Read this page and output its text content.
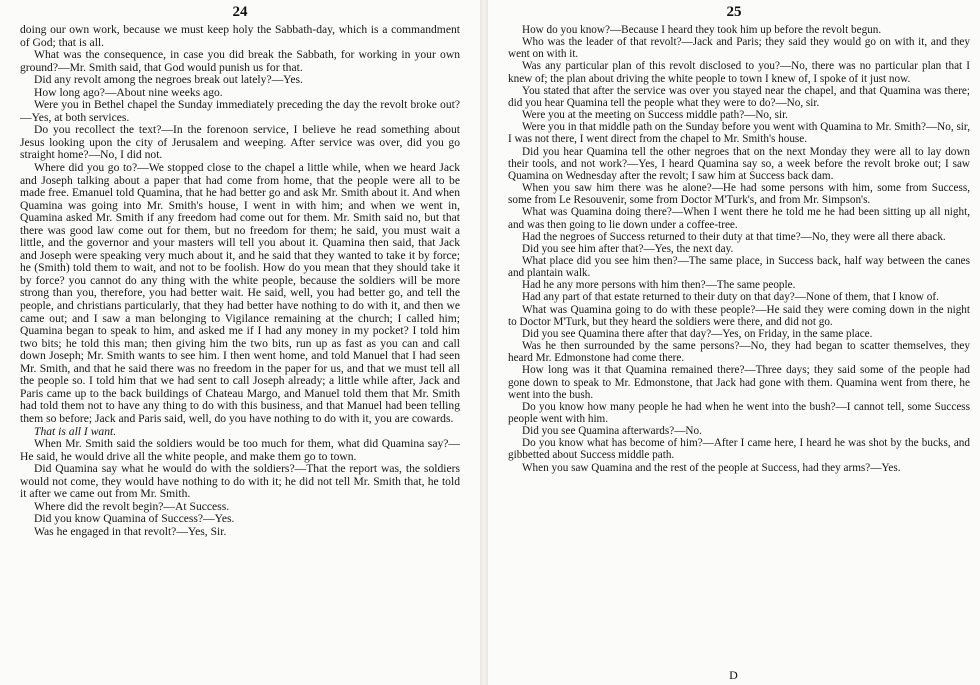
24

doing our own work, because we must keep holy the Sabbath-day, which is a commandment of God; that is all.

What was the consequence, in case you did break the Sabbath, for working in your own ground?—Mr. Smith said, that God would punish us for that.

Did any revolt among the negroes break out lately?—Yes.

How long ago?—About nine weeks ago.

Were you in Bethel chapel the Sunday immediately preceding the day the revolt broke out?—Yes, at both services.

Do you recollect the text?—In the forenoon service, I believe he read something about Jesus looking upon the city of Jerusalem and weeping. After service was over, did you go straight home?—No, I did not.

Where did you go to?—We stopped close to the chapel a little while, when we heard Jack and Joseph talking about a paper that had come from home, that the people were all to be made free. Emanuel told Quamina, that he had better go and ask Mr. Smith about it. And when Quamina was going into Mr. Smith's house, I went in with him; and when we went in, Quamina asked Mr. Smith if any freedom had come out for them. Mr. Smith said no, but that there was good law come out for them, but no freedom for them; he said, you must wait a little, and the governor and your masters will tell you about it. Quamina then said, that Jack and Joseph were speaking very much about it, and he said that they wanted to take it by force; he (Smith) told them to wait, and not to be foolish. How do you mean that they should take it by force? you cannot do any thing with the white people, because the soldiers will be more strong than you, therefore, you had better wait. He said, well, you had better go, and tell the people, and christians particularly, that they had better have nothing to do with it, and then we came out; and I saw a man belonging to Vigilance remaining at the church; I called him; Quamina began to speak to him, and asked me if I had any money in my pocket? I told him two bits; he told this man; then giving him the two bits, run up as fast as you can and call down Joseph; Mr. Smith wants to see him. I then went home, and told Manuel that I had seen Mr. Smith, and that he said there was no freedom in the paper for us, and that we must tell all the people so. I told him that we had sent to call Joseph already; a little while after, Jack and Paris came up to the back buildings of Chateau Margo, and Manuel told them that Mr. Smith had told them not to have any thing to do with this business, and that Manuel had been telling them so before; Jack and Paris said, well, do you have nothing to do with it, you are cowards.

That is all I want.

When Mr. Smith said the soldiers would be too much for them, what did Quamina say?—He said, he would drive all the white people, and make them go to town.

Did Quamina say what he would do with the soldiers?—That the report was, the soldiers would not come, they would have nothing to do with it; he did not tell Mr. Smith that, he told it after we came out from Mr. Smith.

Where did the revolt begin?—At Success.

Did you know Quamina of Success?—Yes.

Was he engaged in that revolt?—Yes, Sir.

25

How do you know?—Because I heard they took him up before the revolt begun.

Who was the leader of that revolt?—Jack and Paris; they said they would go on with it, and they went on with it.

Was any particular plan of this revolt disclosed to you?—No, there was no particular plan that I knew of; the plan about driving the white people to town I knew of, I spoke of it just now.

You stated that after the service was over you stayed near the chapel, and that Quamina was there; did you hear Quamina tell the people what they were to do?—No, sir.

Were you at the meeting on Success middle path?—No, sir.

Were you in that middle path on the Sunday before you went with Quamina to Mr. Smith?—No, sir, I was not there, I went direct from the chapel to Mr. Smith's house.

Did you hear Quamina tell the other negroes that on the next Monday they were all to lay down their tools, and not work?—Yes, I heard Quamina say so, a week before the revolt broke out; I saw Quamina on Wednesday after the revolt; I saw him at Success back dam.

When you saw him there was he alone?—He had some persons with him, some from Success, some from Le Resouvenir, some from Doctor M'Turk's, and from Mr. Simpson's.

What was Quamina doing there?—When I went there he told me he had been sitting up all night, and was then going to lie down under a coffee-tree.

Had the negroes of Success returned to their duty at that time?—No, they were all there aback.

Did you see him after that?—Yes, the next day.

What place did you see him then?—The same place, in Success back, half way between the canes and plantain walk.

Had he any more persons with him then?—The same people.

Had any part of that estate returned to their duty on that day?—None of them, that I know of.

What was Quamina going to do with these people?—He said they were coming down in the night to Doctor M'Turk, but they heard the soldiers were there, and did not go.

Did you see Quamina there after that day?—Yes, on Friday, in the same place.

Was he then surrounded by the same persons?—No, they had began to scatter themselves, they heard Mr. Edmonstone had come there.

How long was it that Quamina remained there?—Three days; they said some of the people had gone down to speak to Mr. Edmonstone, that Jack had gone with them. Quamina went from there, he went into the bush.

Do you know how many people he had when he went into the bush?—I cannot tell, some Success people went with him.

Did you see Quamina afterwards?—No.

Do you know what has become of him?—After I came here, I heard he was shot by the bucks, and gibbetted about Success middle path.

When you saw Quamina and the rest of the people at Success, had they arms?—Yes.

D
